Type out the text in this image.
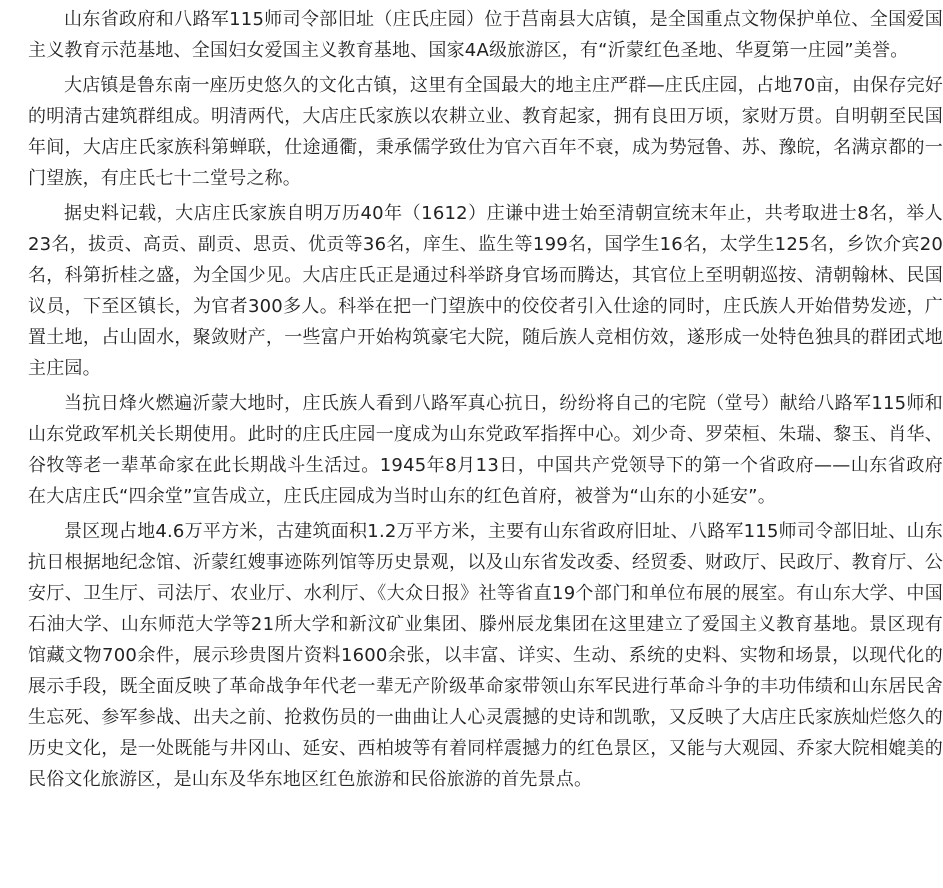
山东省政府和八路军115师司令部旧址（庄氏庄园）位于莒南县大店镇，是全国重点文物保护单位、全国爱国主义教育示范基地、全国妇女爱国主义教育基地、国家4A级旅游区，有“沂蒙红色圣地、华夏第一庄园”美誉。

大店镇是鲁东南一座历史悠久的文化古镇，这里有全国最大的地主庄严群—庄氏庄园，占地70亩，由保存完好的明清古建筑群组成。明清两代，大店庄氏家族以农耕立业、教育起家，拥有良田万顷，家财万贯。自明朝至民国年间，大店庄氏家族科第蝉联，仕途通衢，秉承儒学致仕为官六百年不衰，成为势冠鲁、苏、豫皖，名满京都的一门望族，有庄氏七十二堂号之称。

据史料记载，大店庄氏家族自明万历40年（1612）庄谦中进士始至清朝宣统末年止，共考取进士8名，举人23名，拔贡、高贡、副贡、思贡、优贡等36名，庠生、监生等199名，国学生16名，太学生125名，乡饮介宾20名，科第折桂之盛，为全国少见。大店庄氏正是通过科举跻身官场而腾达，其官位上至明朝巡按、清朝翰林、民国议员，下至区镇长，为官者300多人。科举在把一门望族中的佼佼者引入仕途的同时，庄氏族人开始借势发迹，广置土地，占山固水，聚敛财产，一些富户开始构筑豪宅大院，随后族人竞相仿效，遂形成一处特色独具的群团式地主庄园。

当抗日烽火燃遍沂蒙大地时，庄氏族人看到八路军真心抗日，纷纷将自己的宅院（堂号）献给八路军115师和山东党政军机关长期使用。此时的庄氏庄园一度成为山东党政军指挥中心。刘少奇、罗荣桓、朱瑞、黎玉、肖华、谷牧等老一辈革命家在此长期战斗生活过。1945年8月13日，中国共产党领导下的第一个省政府——山东省政府在大店庄氏“四余堂”宣告成立，庄氏庄园成为当时山东的红色首府，被誉为“山东的小延安”。

景区现占地4.6万平方米，古建筑面积1.2万平方米，主要有山东省政府旧址、八路军115师司令部旧址、山东抗日根据地纪念馆、沂蒙红嫂事迹陈列馆等历史景观，以及山东省发改委、经贸委、财政厅、民政厅、教育厅、公安厅、卫生厅、司法厅、农业厅、水利厅、《大众日报》社等省直19个部门和单位布展的展室。有山东大学、中国石油大学、山东师范大学等21所大学和新汶矿业集团、滕州辰龙集团在这里建立了爱国主义教育基地。景区现有馆藏文物700余件，展示珍贵图片资料1600余张，以丰富、详实、生动、系统的史料、实物和场景，以现代化的展示手段，既全面反映了革命战争年代老一辈无产阶级革命家带领山东军民进行革命斗争的丰功伟绩和山东居民舍生忘死、参军参战、出夫之前、抢救伤员的一曲曲让人心灵震撼的史诗和凯歌，又反映了大店庄氏家族灿烂悠久的历史文化，是一处既能与井冈山、延安、西柏坡等有着同样震撼力的红色景区，又能与大观园、乔家大院相媲美的民俗文化旅游区，是山东及华东地区红色旅游和民俗旅游的首先景点。
